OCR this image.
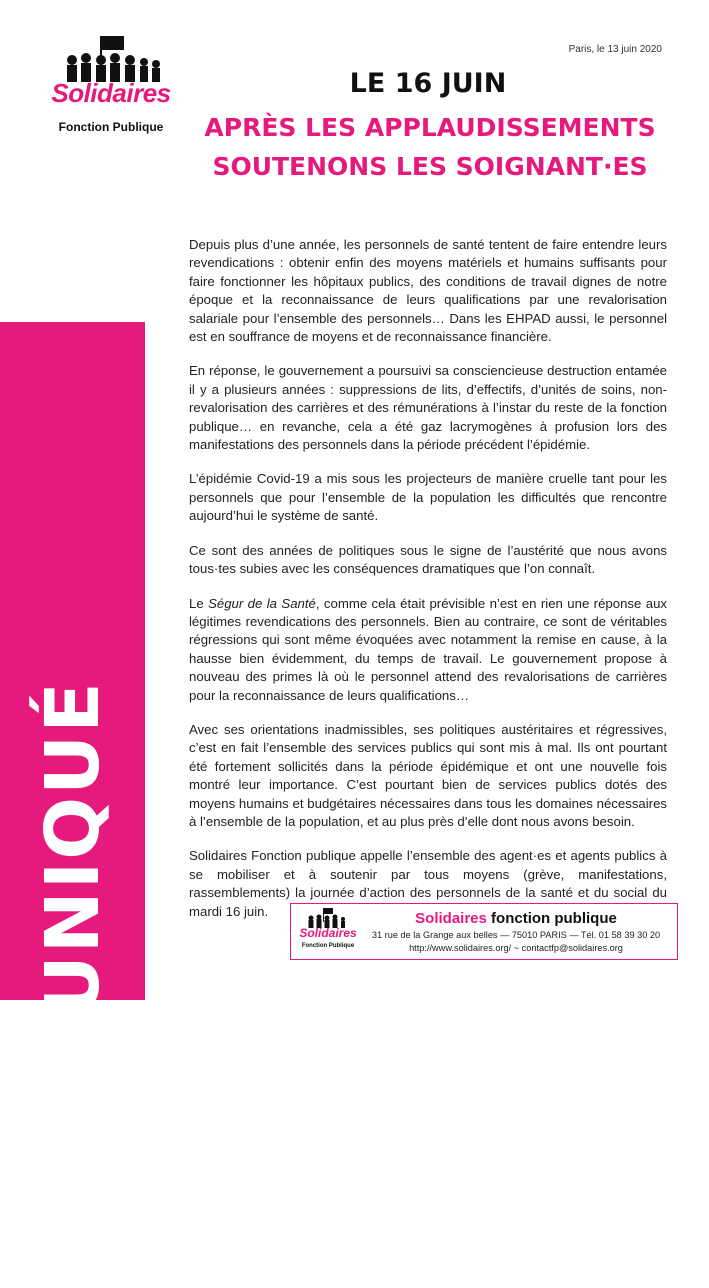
Solidaires
Fonction Publique
Paris, le 13 juin 2020
LE 16 JUIN
APRÈS LES APPLAUDISSEMENTS
SOUTENONS LES SOIGNANT·ES
COMMUNIQUÉ

Depuis plus d’une année, les personnels de santé tentent de faire entendre leurs revendications : obtenir enfin des moyens matériels et humains suffisants pour faire fonctionner les hôpitaux publics, des conditions de travail dignes de notre époque et la reconnaissance de leurs qualifications par une revalorisation salariale pour l’ensemble des personnels… Dans les EHPAD aussi, le personnel est en souffrance de moyens et de reconnaissance financière.

En réponse, le gouvernement a poursuivi sa consciencieuse destruction entamée il y a plusieurs années : suppressions de lits, d’effectifs, d’unités de soins, non-revalorisation des carrières et des rémunérations à l’instar du reste de la fonction publique… en revanche, cela a été gaz lacrymogènes à profusion lors des manifestations des personnels dans la période précédent l’épidémie.

L’épidémie Covid-19 a mis sous les projecteurs de manière cruelle tant pour les personnels que pour l’ensemble de la population les difficultés que rencontre aujourd’hui le système de santé.

Ce sont des années de politiques sous le signe de l’austérité que nous avons tous·tes subies avec les conséquences dramatiques que l’on connaît.

Le Ségur de la Santé, comme cela était prévisible n’est en rien une réponse aux légitimes revendications des personnels. Bien au contraire, ce sont de véritables régressions qui sont même évoquées avec notamment la remise en cause, à la hausse bien évidemment, du temps de travail. Le gouvernement propose à nouveau des primes là où le personnel attend des revalorisations de carrières pour la reconnaissance de leurs qualifications…

Avec ses orientations inadmissibles, ses politiques austéritaires et régressives, c’est en fait l’ensemble des services publics qui sont mis à mal. Ils ont pourtant été fortement sollicités dans la période épidémique et ont une nouvelle fois montré leur importance. C’est pourtant bien de services publics dotés des moyens humains et budgétaires nécessaires dans tous les domaines nécessaires à l’ensemble de la population, et au plus près d’elle dont nous avons besoin.

Solidaires Fonction publique appelle l’ensemble des agent·es et agents publics à se mobiliser et à soutenir par tous moyens (grève, manifestations, rassemblements) la journée d’action des personnels de la santé et du social du mardi 16 juin.

Solidaires
Fonction Publique
Solidaires fonction publique
31 rue de la Grange aux belles — 75010 PARIS — Tél. 01 58 39 30 20
http://www.solidaires.org/ ~ contactfp@solidaires.org
